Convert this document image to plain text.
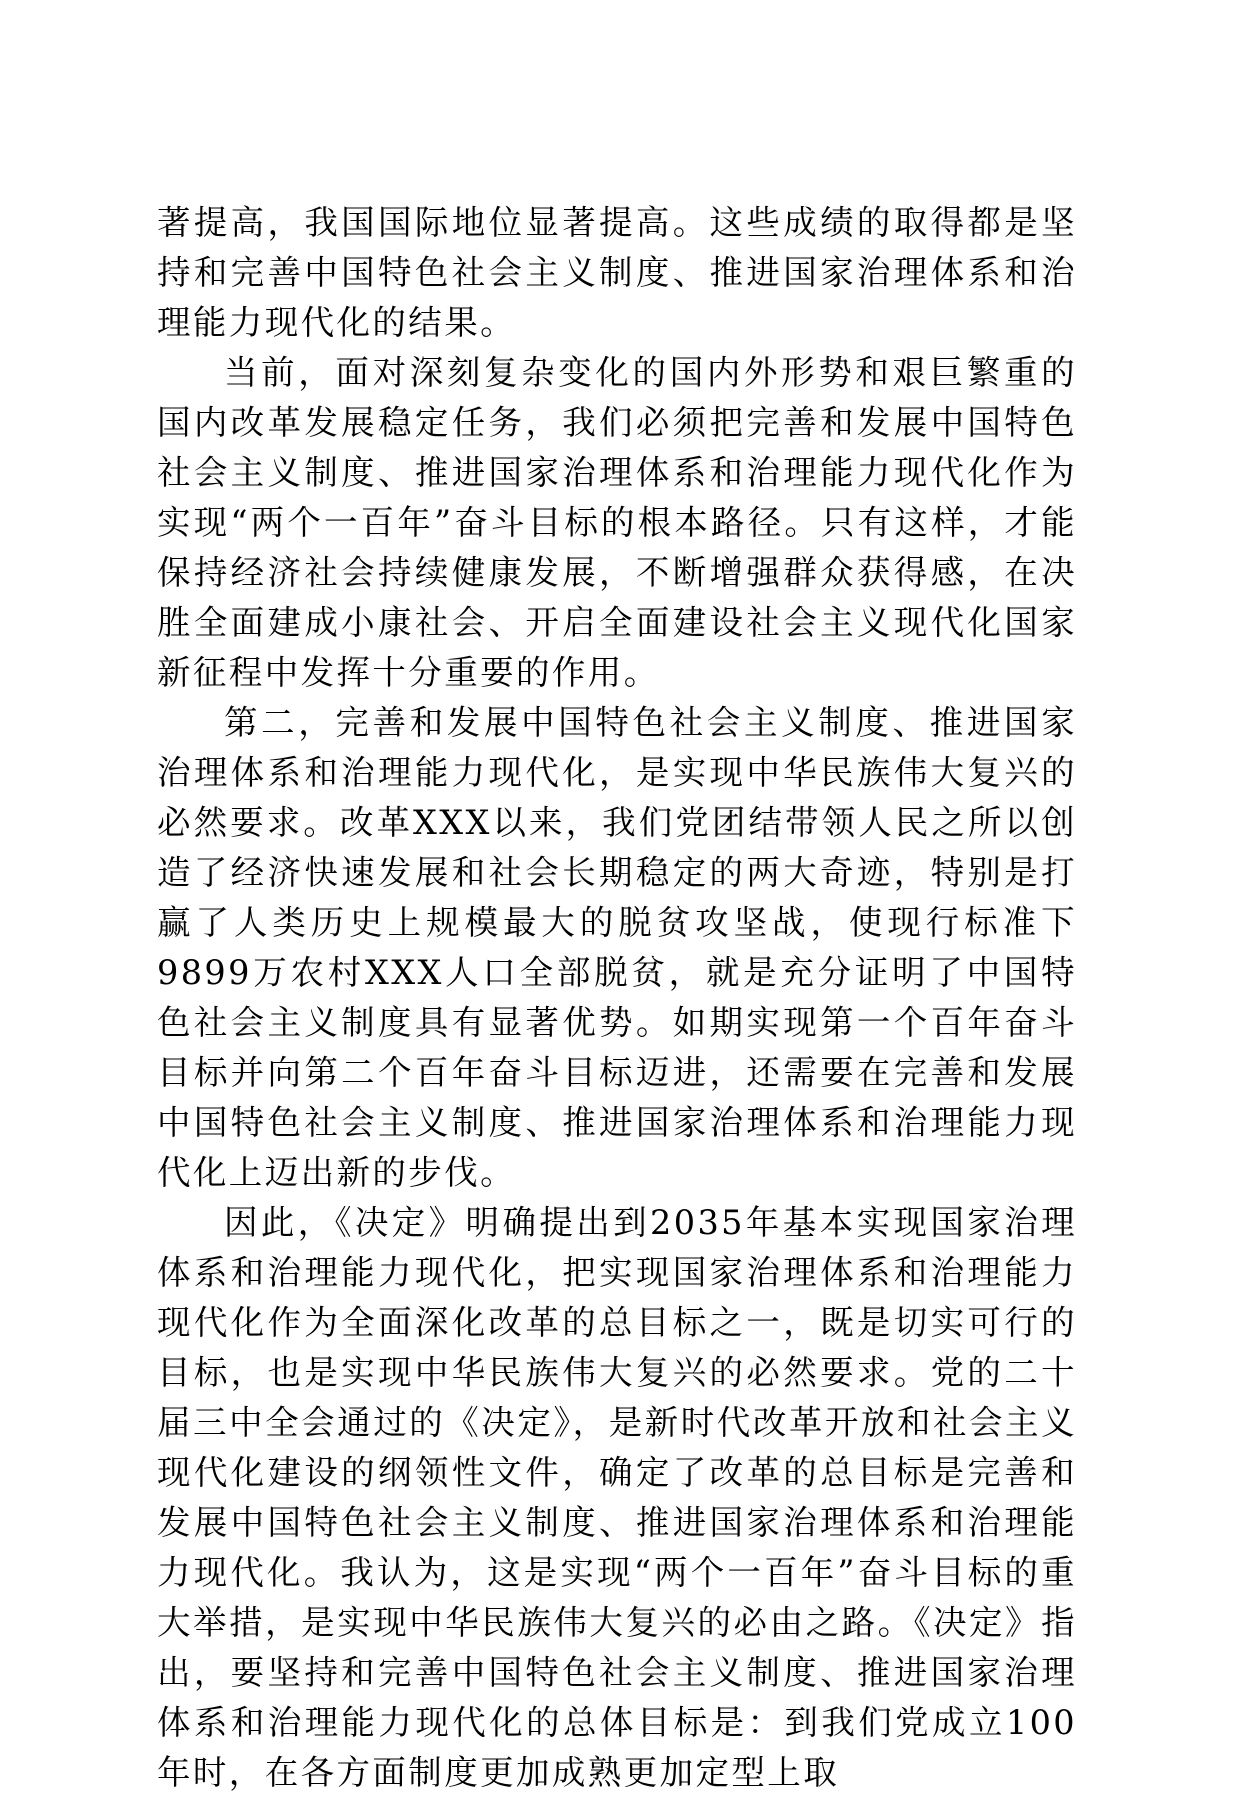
著提高，我国国际地位显著提高。这些成绩的取得都是坚持和完善中国特色社会主义制度、推进国家治理体系和治理能力现代化的结果。

当前，面对深刻复杂变化的国内外形势和艰巨繁重的国内改革发展稳定任务，我们必须把完善和发展中国特色社会主义制度、推进国家治理体系和治理能力现代化作为实现“两个一百年”奋斗目标的根本路径。只有这样，才能保持经济社会持续健康发展，不断增强群众获得感，在决胜全面建成小康社会、开启全面建设社会主义现代化国家新征程中发挥十分重要的作用。

第二，完善和发展中国特色社会主义制度、推进国家治理体系和治理能力现代化，是实现中华民族伟大复兴的必然要求。改革XXX以来，我们党团结带领人民之所以创造了经济快速发展和社会长期稳定的两大奇迹，特别是打赢了人类历史上规模最大的脱贫攻坚战，使现行标准下9899万农村XXX人口全部脱贫，就是充分证明了中国特色社会主义制度具有显著优势。如期实现第一个百年奋斗目标并向第二个百年奋斗目标迈进，还需要在完善和发展中国特色社会主义制度、推进国家治理体系和治理能力现代化上迈出新的步伐。

因此，《决定》明确提出到2035年基本实现国家治理体系和治理能力现代化，把实现国家治理体系和治理能力现代化作为全面深化改革的总目标之一，既是切实可行的目标，也是实现中华民族伟大复兴的必然要求。党的二十届三中全会通过的《决定》，是新时代改革开放和社会主义现代化建设的纲领性文件，确定了改革的总目标是完善和发展中国特色社会主义制度、推进国家治理体系和治理能力现代化。我认为，这是实现“两个一百年”奋斗目标的重大举措，是实现中华民族伟大复兴的必由之路。《决定》指出，要坚持和完善中国特色社会主义制度、推进国家治理体系和治理能力现代化的总体目标是：到我们党成立100年时，在各方面制度更加成熟更加定型上取
